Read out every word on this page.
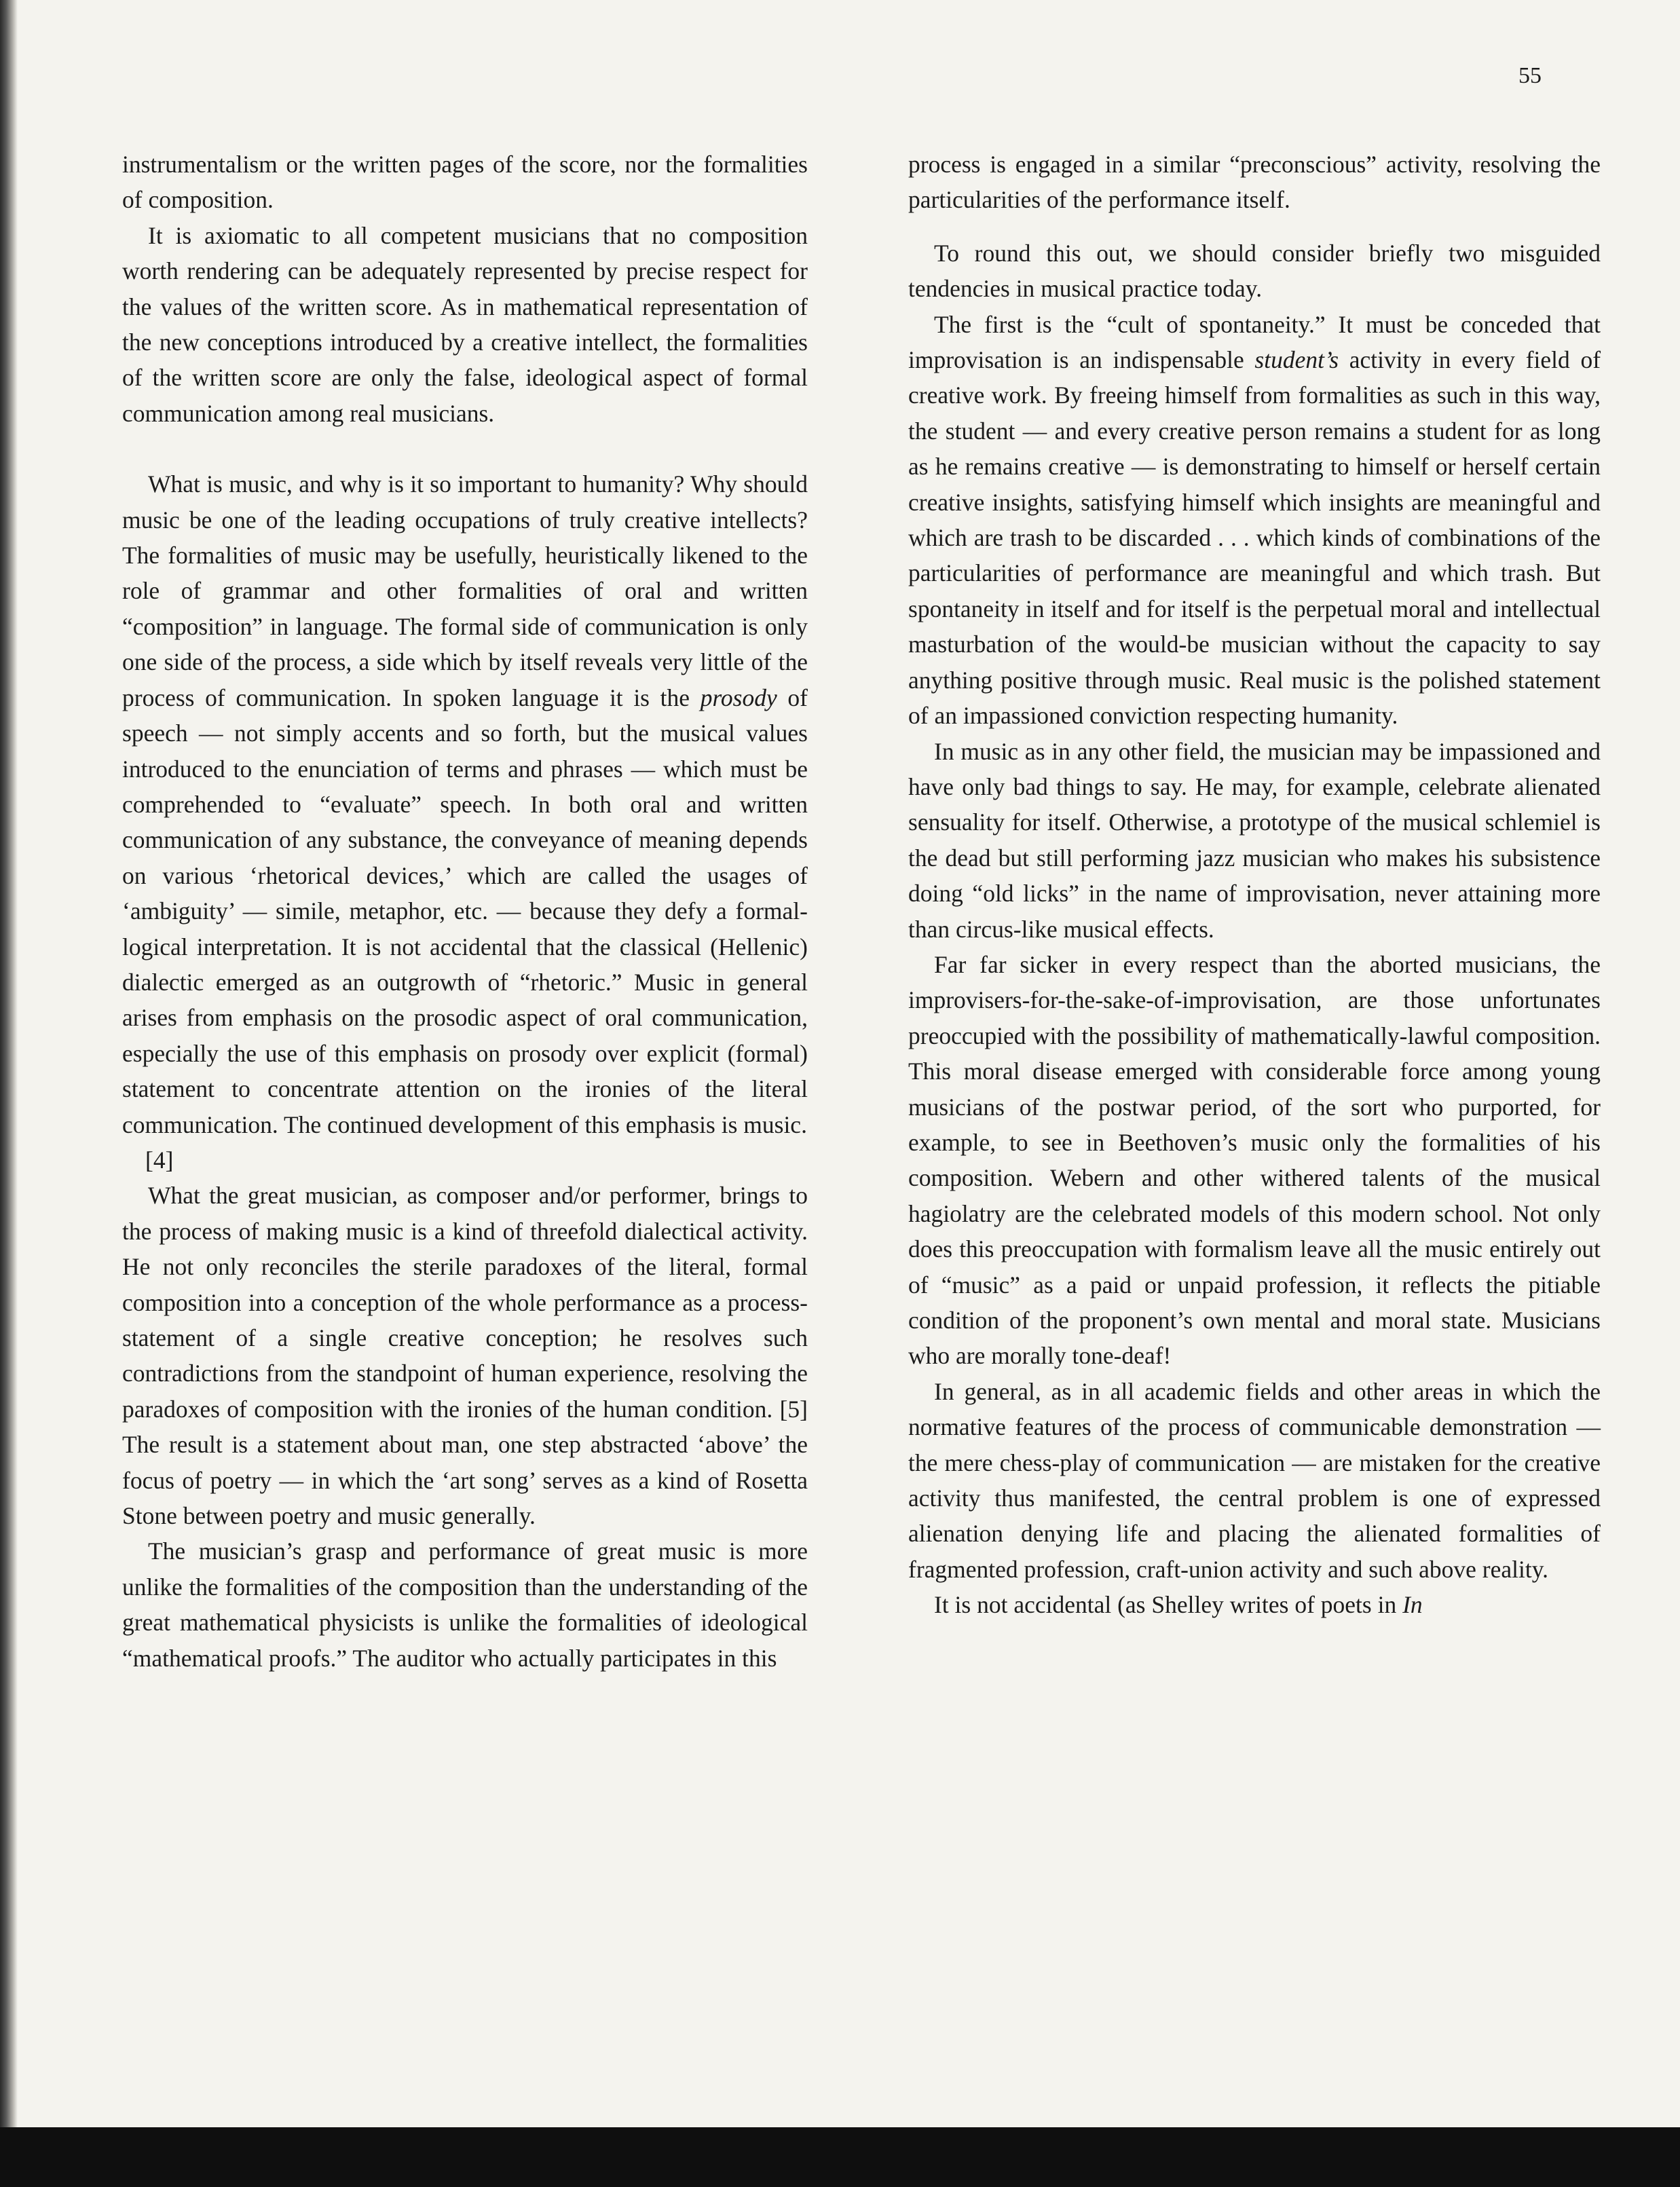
55

instrumentalism or the written pages of the score, nor the formalities of composition.

It is axiomatic to all competent musicians that no composition worth rendering can be adequately represented by precise respect for the values of the written score. As in mathematical representation of the new conceptions introduced by a creative intellect, the formalities of the written score are only the false, ideological aspect of formal communication among real musicians.

What is music, and why is it so important to humanity? Why should music be one of the leading occupations of truly creative intellects? The formalities of music may be usefully, heuristically likened to the role of grammar and other formalities of oral and written “composition” in language. The formal side of communication is only one side of the process, a side which by itself reveals very little of the process of communication. In spoken language it is the prosody of speech — not simply accents and so forth, but the musical values introduced to the enunciation of terms and phrases — which must be comprehended to “evaluate” speech. In both oral and written communication of any substance, the conveyance of meaning depends on various ‘rhetorical devices,’ which are called the usages of ‘ambiguity’ — simile, metaphor, etc. — because they defy a formal-logical interpretation. It is not accidental that the classical (Hellenic) dialectic emerged as an outgrowth of “rhetoric.” Music in general arises from emphasis on the prosodic aspect of oral communication, especially the use of this emphasis on prosody over explicit (formal) statement to concentrate attention on the ironies of the literal communication. The continued development of this emphasis is music.
[4]

What the great musician, as composer and/or performer, brings to the process of making music is a kind of threefold dialectical activity. He not only reconciles the sterile paradoxes of the literal, formal composition into a conception of the whole performance as a process-statement of a single creative conception; he resolves such contradictions from the standpoint of human experience, resolving the paradoxes of composition with the ironies of the human condition. [5] The result is a statement about man, one step abstracted ‘above’ the focus of poetry — in which the ‘art song’ serves as a kind of Rosetta Stone between poetry and music generally.

The musician’s grasp and performance of great music is more unlike the formalities of the composition than the understanding of the great mathematical physicists is unlike the formalities of ideological “mathematical proofs.” The auditor who actually participates in this

process is engaged in a similar “preconscious” activity, resolving the particularities of the performance itself.

To round this out, we should consider briefly two misguided tendencies in musical practice today.

The first is the “cult of spontaneity.” It must be conceded that improvisation is an indispensable student’s activity in every field of creative work. By freeing himself from formalities as such in this way, the student — and every creative person remains a student for as long as he remains creative — is demonstrating to himself or herself certain creative insights, satisfying himself which insights are meaningful and which are trash to be discarded . . . which kinds of combinations of the particularities of performance are meaningful and which trash. But spontaneity in itself and for itself is the perpetual moral and intellectual masturbation of the would-be musician without the capacity to say anything positive through music. Real music is the polished statement of an impassioned conviction respecting humanity.

In music as in any other field, the musician may be impassioned and have only bad things to say. He may, for example, celebrate alienated sensuality for itself. Otherwise, a prototype of the musical schlemiel is the dead but still performing jazz musician who makes his subsistence doing “old licks” in the name of improvisation, never attaining more than circus-like musical effects.

Far far sicker in every respect than the aborted musicians, the improvisers-for-the-sake-of-improvisation, are those unfortunates preoccupied with the possibility of mathematically-lawful composition. This moral disease emerged with considerable force among young musicians of the postwar period, of the sort who purported, for example, to see in Beethoven’s music only the formalities of his composition. Webern and other withered talents of the musical hagiolatry are the celebrated models of this modern school. Not only does this preoccupation with formalism leave all the music entirely out of “music” as a paid or unpaid profession, it reflects the pitiable condition of the proponent’s own mental and moral state. Musicians who are morally tone-deaf!

In general, as in all academic fields and other areas in which the normative features of the process of communicable demonstration — the mere chess-play of communication — are mistaken for the creative activity thus manifested, the central problem is one of expressed alienation denying life and placing the alienated formalities of fragmented profession, craft-union activity and such above reality.

It is not accidental (as Shelley writes of poets in In
